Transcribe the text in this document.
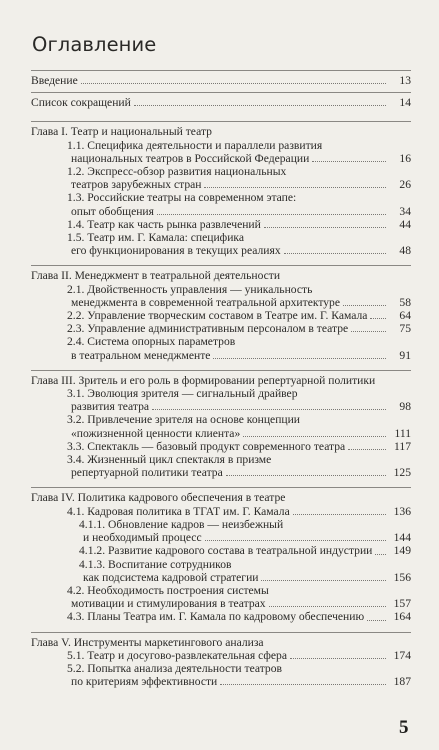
Оглавление
Введение	13
Список сокращений	14
Глава I. Театр и национальный театр
1.1. Специфика деятельности и параллели развития
национальных театров в Российской Федерации	16
1.2. Экспресс-обзор развития национальных
театров зарубежных стран	26
1.3. Российские театры на современном этапе:
опыт обобщения	34
1.4. Театр как часть рынка развлечений	44
1.5. Театр им. Г. Камала: специфика
его функционирования в текущих реалиях	48
Глава II. Менеджмент в театральной деятельности
2.1. Двойственность управления — уникальность
менеджмента в современной театральной архитектуре	58
2.2. Управление творческим составом в Театре им. Г. Камала	64
2.3. Управление административным персоналом в театре	75
2.4. Система опорных параметров
в театральном менеджменте	91
Глава III. Зритель и его роль в формировании репертуарной политики
3.1. Эволюция зрителя — сигнальный драйвер
развития театра	98
3.2. Привлечение зрителя на основе концепции
«пожизненной ценности клиента»	111
3.3. Спектакль — базовый продукт современного театра	117
3.4. Жизненный цикл спектакля в призме
репертуарной политики театра	125
Глава IV. Политика кадрового обеспечения в театре
4.1. Кадровая политика в ТГАТ им. Г. Камала	136
4.1.1. Обновление кадров — неизбежный
и необходимый процесс	144
4.1.2. Развитие кадрового состава в театральной индустрии	149
4.1.3. Воспитание сотрудников
как подсистема кадровой стратегии	156
4.2. Необходимость построения системы
мотивации и стимулирования в театрах	157
4.3. Планы Театра им. Г. Камала по кадровому обеспечению	164
Глава V. Инструменты маркетингового анализа
5.1. Театр и досугово-развлекательная сфера	174
5.2. Попытка анализа деятельности театров
по критериям эффективности	187
5
